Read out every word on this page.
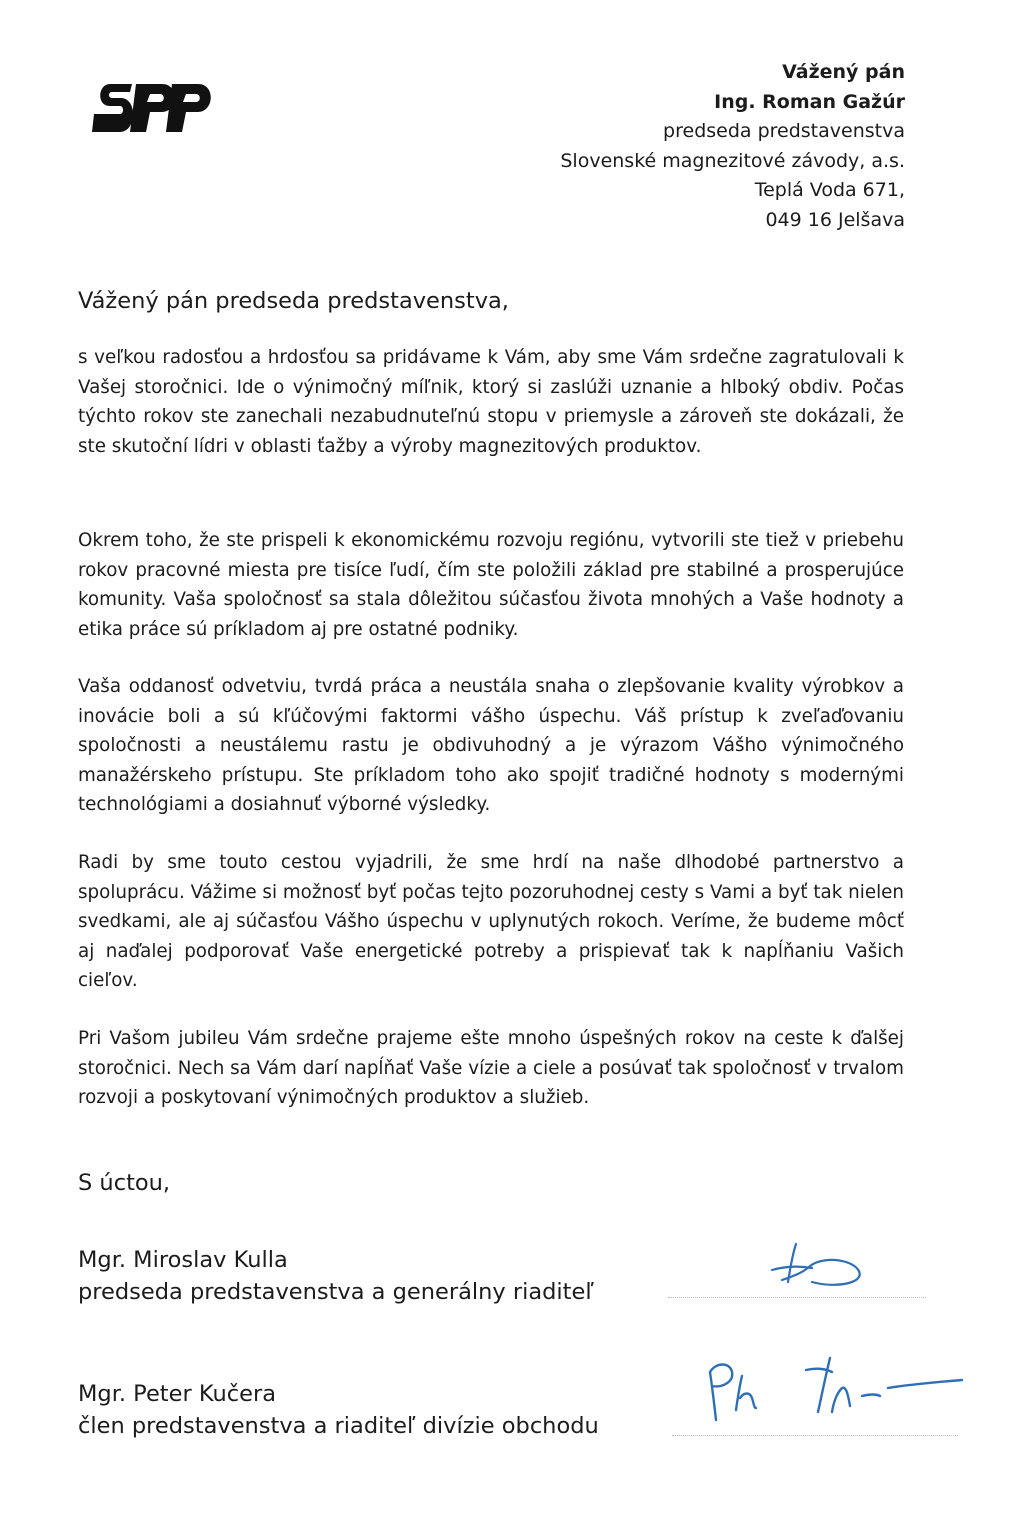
Vážený pán
Ing. Roman Gažúr
predseda predstavenstva
Slovenské magnezitové závody, a.s.
Teplá Voda 671,
049 16 Jelšava

Vážený pán predseda predstavenstva,

s veľkou radosťou a hrdosťou sa pridávame k Vám, aby sme Vám srdečne zagratulovali k Vašej storočnici. Ide o výnimočný míľnik, ktorý si zaslúži uznanie a hlboký obdiv. Počas týchto rokov ste zanechali nezabudnuteľnú stopu v priemysle a zároveň ste dokázali, že ste skutoční lídri v oblasti ťažby a výroby magnezitových produktov.

Okrem toho, že ste prispeli k ekonomickému rozvoju regiónu, vytvorili ste tiež v priebehu rokov pracovné miesta pre tisíce ľudí, čím ste položili základ pre stabilné a prosperujúce komunity. Vaša spoločnosť sa stala dôležitou súčasťou života mnohých a Vaše hodnoty a etika práce sú príkladom aj pre ostatné podniky.

Vaša oddanosť odvetviu, tvrdá práca a neustála snaha o zlepšovanie kvality výrobkov a inovácie boli a sú kľúčovými faktormi vášho úspechu. Váš prístup k zveľaďovaniu spoločnosti a neustálemu rastu je obdivuhodný a je výrazom Vášho výnimočného manažérskeho prístupu. Ste príkladom toho ako spojiť tradičné hodnoty s modernými technológiami a dosiahnuť výborné výsledky.

Radi by sme touto cestou vyjadrili, že sme hrdí na naše dlhodobé partnerstvo a spoluprácu. Vážime si možnosť byť počas tejto pozoruhodnej cesty s Vami a byť tak nielen svedkami, ale aj súčasťou Vášho úspechu v uplynutých rokoch. Veríme, že budeme môcť aj naďalej podporovať Vaše energetické potreby a prispievať tak k napĺňaniu Vašich cieľov.

Pri Vašom jubileu Vám srdečne prajeme ešte mnoho úspešných rokov na ceste k ďalšej storočnici. Nech sa Vám darí napĺňať Vaše vízie a ciele a posúvať tak spoločnosť v trvalom rozvoji a poskytovaní výnimočných produktov a služieb.

S úctou,

Mgr. Miroslav Kulla
predseda predstavenstva a generálny riaditeľ
Mgr. Peter Kučera
člen predstavenstva a riaditeľ divízie obchodu
